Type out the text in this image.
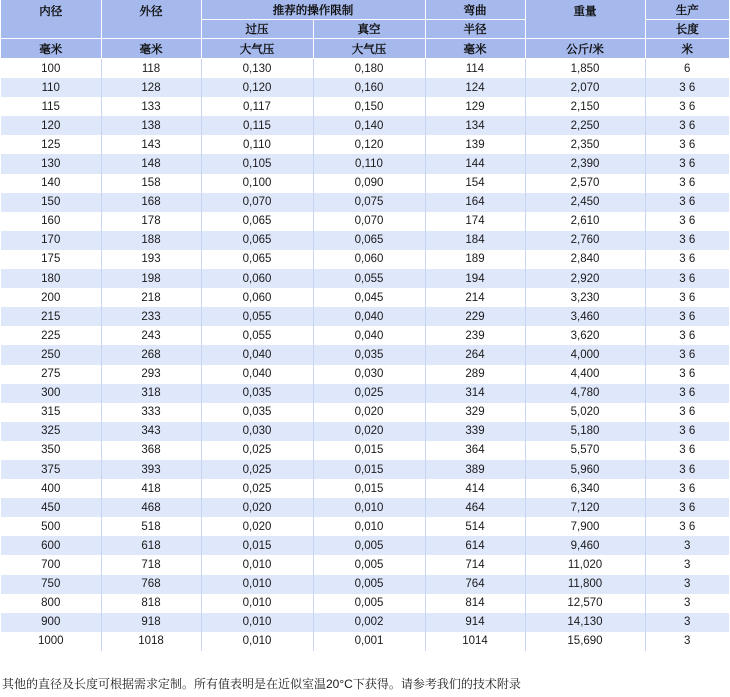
内径	外径	推荐的操作限制		弯曲	重量	生产
		过压	真空	半径		长度
毫米	毫米	大气压	大气压	毫米	公斤/米	米
100	118	0,130	0,180	114	1,850	6
110	128	0,120	0,160	124	2,070	3 6
115	133	0,117	0,150	129	2,150	3 6
120	138	0,115	0,140	134	2,250	3 6
125	143	0,110	0,120	139	2,350	3 6
130	148	0,105	0,110	144	2,390	3 6
140	158	0,100	0,090	154	2,570	3 6
150	168	0,070	0,075	164	2,450	3 6
160	178	0,065	0,070	174	2,610	3 6
170	188	0,065	0,065	184	2,760	3 6
175	193	0,065	0,060	189	2,840	3 6
180	198	0,060	0,055	194	2,920	3 6
200	218	0,060	0,045	214	3,230	3 6
215	233	0,055	0,040	229	3,460	3 6
225	243	0,055	0,040	239	3,620	3 6
250	268	0,040	0,035	264	4,000	3 6
275	293	0,040	0,030	289	4,400	3 6
300	318	0,035	0,025	314	4,780	3 6
315	333	0,035	0,020	329	5,020	3 6
325	343	0,030	0,020	339	5,180	3 6
350	368	0,025	0,015	364	5,570	3 6
375	393	0,025	0,015	389	5,960	3 6
400	418	0,025	0,015	414	6,340	3 6
450	468	0,020	0,010	464	7,120	3 6
500	518	0,020	0,010	514	7,900	3 6
600	618	0,015	0,005	614	9,460	3
700	718	0,010	0,005	714	11,020	3
750	768	0,010	0,005	764	11,800	3
800	818	0,010	0,005	814	12,570	3
900	918	0,010	0,002	914	14,130	3
1000	1018	0,010	0,001	1014	15,690	3
其他的直径及长度可根据需求定制。所有值表明是在近似室温20°C下获得。请参考我们的技术附录
